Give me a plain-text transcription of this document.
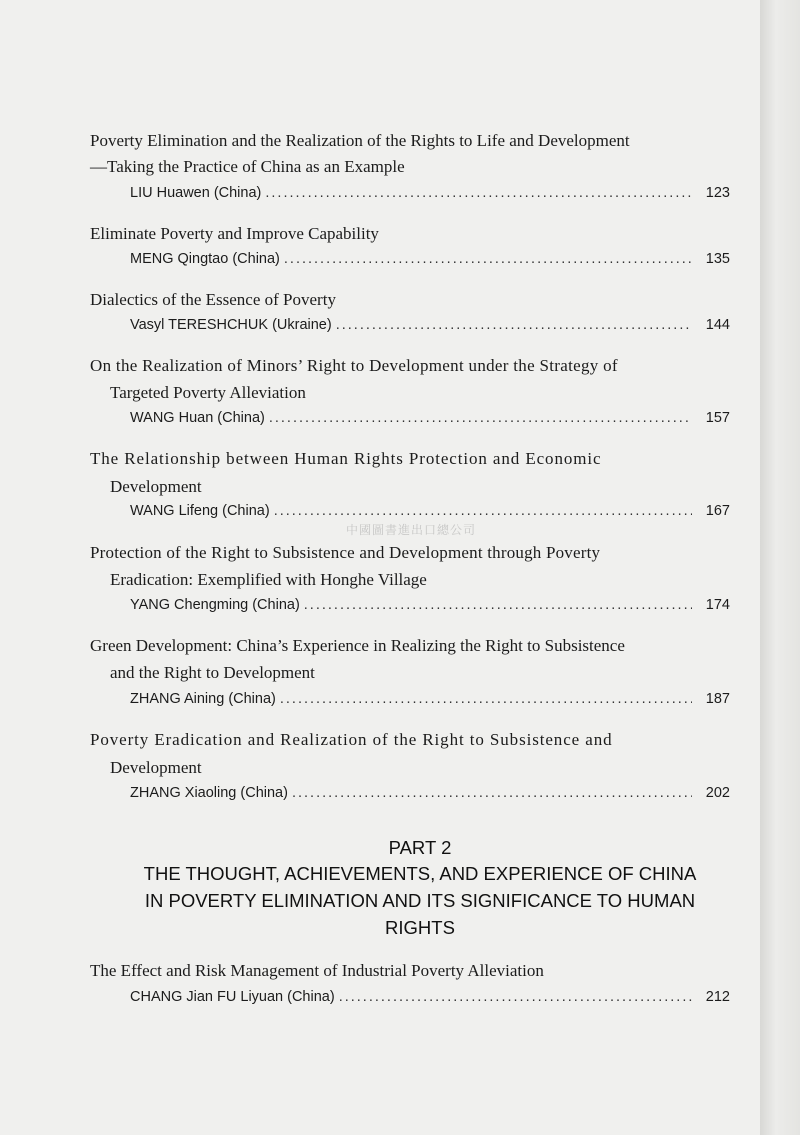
Poverty Elimination and the Realization of the Rights to Life and Development
—Taking the Practice of China as an Example
LIU Huawen (China) .....	123
Eliminate Poverty and Improve Capability
MENG Qingtao (China) .....	135
Dialectics of the Essence of Poverty
Vasyl TERESHCHUK (Ukraine) .....	144
On the Realization of Minors’ Right to Development under the Strategy of
Targeted Poverty Alleviation
WANG Huan (China) .....	157
The Relationship between Human Rights Protection and Economic
Development
WANG Lifeng (China) .....	167
Protection of the Right to Subsistence and Development through Poverty
Eradication: Exemplified with Honghe Village
YANG Chengming (China) .....	174
Green Development: China’s Experience in Realizing the Right to Subsistence
and the Right to Development
ZHANG Aining (China) .....	187
Poverty Eradication and Realization of the Right to Subsistence and
Development
ZHANG Xiaoling (China) .....	202
PART 2
THE THOUGHT, ACHIEVEMENTS, AND EXPERIENCE OF CHINA
IN POVERTY ELIMINATION AND ITS SIGNIFICANCE TO HUMAN
RIGHTS
The Effect and Risk Management of Industrial Poverty Alleviation
CHANG Jian FU Liyuan (China) .....	212
中國圖書進出口總公司
